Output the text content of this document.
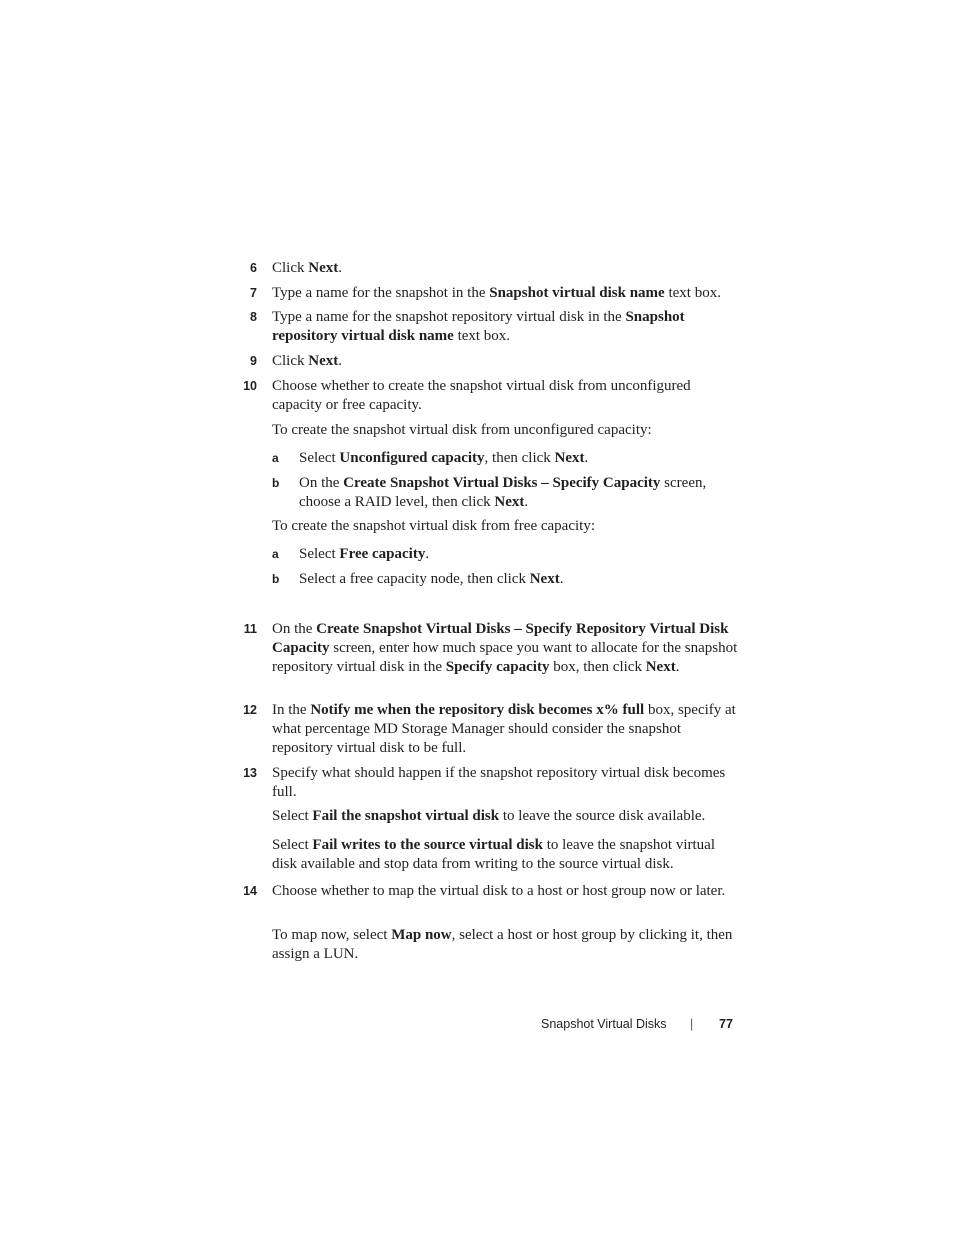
6 Click Next.
7 Type a name for the snapshot in the Snapshot virtual disk name text box.
8 Type a name for the snapshot repository virtual disk in the Snapshot repository virtual disk name text box.
9 Click Next.
10 Choose whether to create the snapshot virtual disk from unconfigured capacity or free capacity.
To create the snapshot virtual disk from unconfigured capacity:
a Select Unconfigured capacity, then click Next.
b On the Create Snapshot Virtual Disks – Specify Capacity screen, choose a RAID level, then click Next.
To create the snapshot virtual disk from free capacity:
a Select Free capacity.
b Select a free capacity node, then click Next.
11 On the Create Snapshot Virtual Disks – Specify Repository Virtual Disk Capacity screen, enter how much space you want to allocate for the snapshot repository virtual disk in the Specify capacity box, then click Next.
12 In the Notify me when the repository disk becomes x% full box, specify at what percentage MD Storage Manager should consider the snapshot repository virtual disk to be full.
13 Specify what should happen if the snapshot repository virtual disk becomes full.
Select Fail the snapshot virtual disk to leave the source disk available.
Select Fail writes to the source virtual disk to leave the snapshot virtual disk available and stop data from writing to the source virtual disk.
14 Choose whether to map the virtual disk to a host or host group now or later.
To map now, select Map now, select a host or host group by clicking it, then assign a LUN.
Snapshot Virtual Disks | 77
